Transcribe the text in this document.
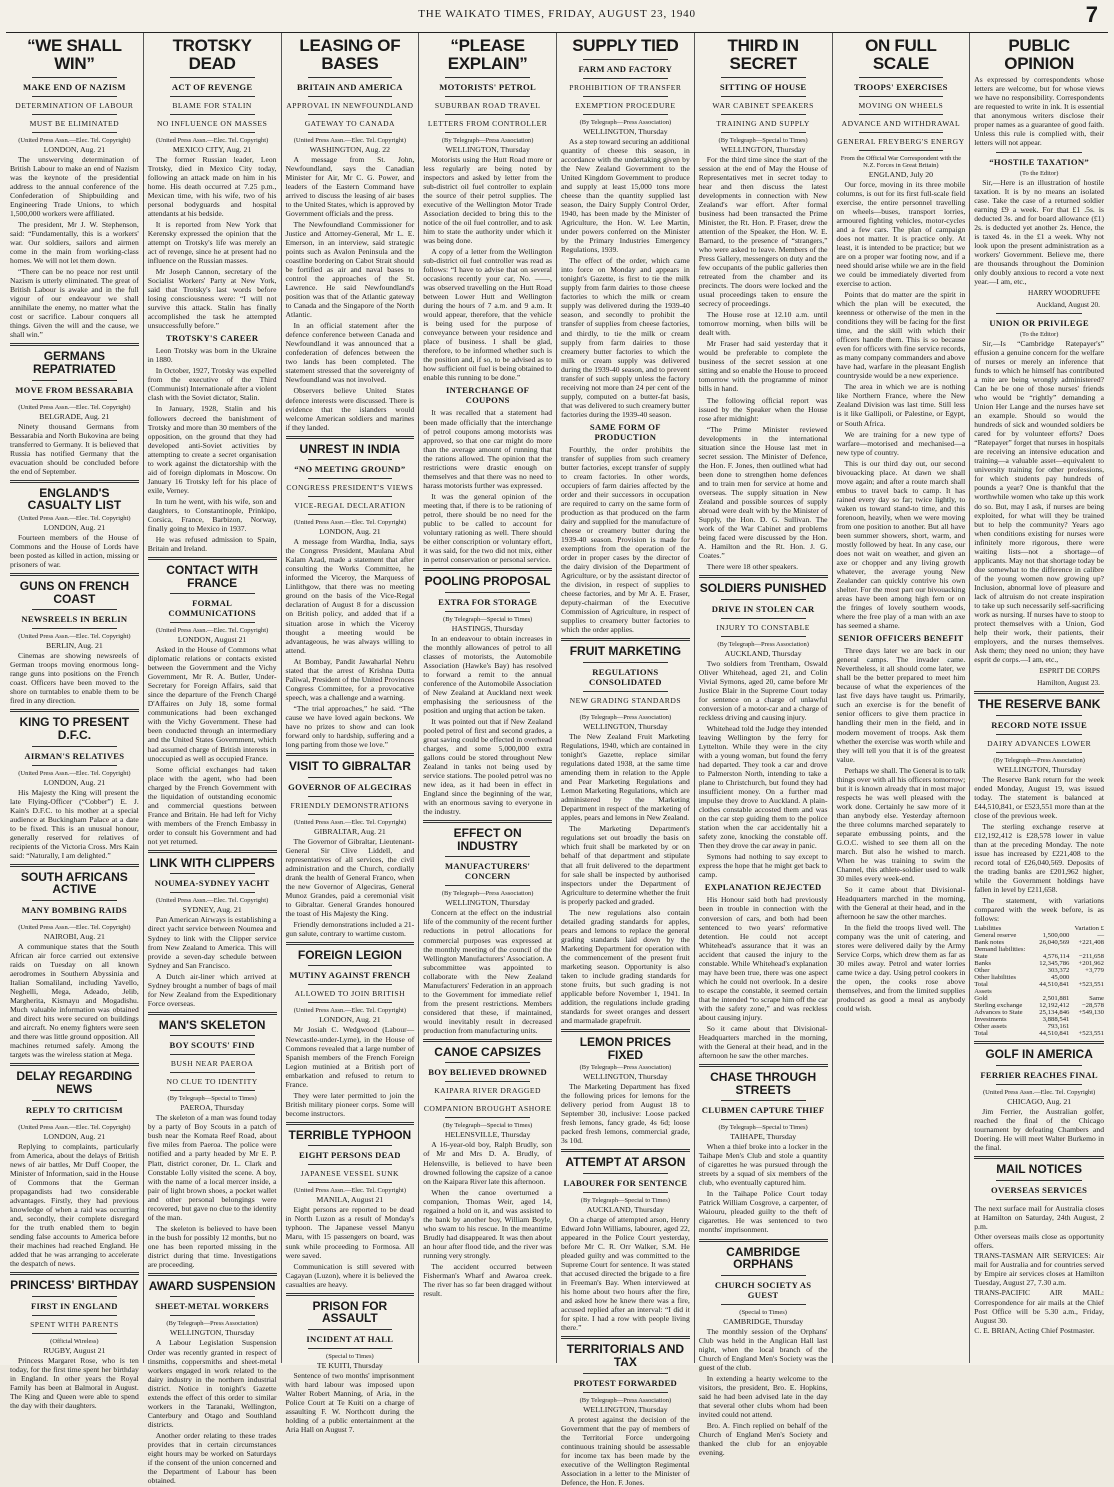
THE WAIKATO TIMES, FRIDAY, AUGUST 23, 1940	7
“WE SHALL WIN”
MAKE END OF NAZISM
DETERMINATION OF LABOUR
MUST BE ELIMINATED
(United Press Assn.—Elec. Tel. Copyright)
LONDON, Aug. 21

The unswerving determination of British Labour to make an end of Nazism was the keynote of the presidential address to the annual conference of the Confederation of Shipbuilding and Engineering Trade Unions, to which 1,500,000 workers were affiliated.

The president, Mr J. W. Stephenson, said: “Fundamentally, this is a workers' war. Our soldiers, sailors and airmen come in the main from working-class homes. We will not let them down.

“There can be no peace nor rest until Nazism is utterly eliminated. The great of British Labour is awake and in the full vigour of our endeavour we shall annihilate the enemy, no matter what the cost or sacrifice. Labour conquers all things. Given the will and the cause, we shall win.”

GERMANS REPATRIATED
MOVE FROM BESSARABIA
(United Press Assn.—Elec. Tel. Copyright)
BELGRADE, Aug. 21

Ninety thousand Germans from Bessarabia and North Bukovina are being transferred to Germany. It is believed that Russia has notified Germany that the evacuation should be concluded before the end of September.

ENGLAND'S CASUALTY LIST
(United Press Assn.—Elec. Tel. Copyright)
LONDON, Aug. 21

Fourteen members of the House of Commons and the House of Lords have been posted as killed in action, missing or prisoners of war.

GUNS ON FRENCH COAST
NEWSREELS IN BERLIN
(United Press Assn.—Elec. Tel. Copyright)
BERLIN, Aug. 21

Cinemas are showing newsreels of German troops moving enormous long-range guns into positions on the French coast. Officers have been moved to the shore on turntables to enable them to be fired in any direction.

KING TO PRESENT D.F.C.
AIRMAN'S RELATIVES
(United Press Assn.—Elec. Tel. Copyright)
LONDON, Aug. 21

His Majesty the King will present the late Flying-Officer (“Cobber”) E. J. Kain's D.F.C. to his mother at a special audience at Buckingham Palace at a date to be fixed. This is an unusual honour, generally reserved for relatives of recipients of the Victoria Cross. Mrs Kain said: “Naturally, I am delighted.”

SOUTH AFRICANS ACTIVE
MANY BOMBING RAIDS
(United Press Assn.—Elec. Tel. Copyright)
NAIROBI, Aug. 21

A communique states that the South African air force carried out extensive raids on Tuesday on all known aerodromes in Southern Abyssinia and Italian Somaliland, including Yavello, Neghelli, Mega, Adeado, Jelib, Margherita, Kismayu and Mogadishu. Much valuable information was obtained and direct hits were secured on buildings and aircraft. No enemy fighters were seen and there was little ground opposition. All machines returned safely. Among the targets was the wireless station at Mega.

DELAY REGARDING NEWS
REPLY TO CRITICISM
(United Press Assn.—Elec. Tel. Copyright)
LONDON, Aug. 21

Replying to complaints, particularly from America, about the delays of British news of air battles, Mr Duff Cooper, the Minister of Information, said in the House of Commons that the German propagandists had two considerable advantages. Firstly, they had previous knowledge of when a raid was occurring and, secondly, their complete disregard for the truth enabled them to begin sending false accounts to America before their machines had reached England. He added that he was arranging to accelerate the despatch of news.

PRINCESS' BIRTHDAY
FIRST IN ENGLAND
SPENT WITH PARENTS
(Official Wireless)
RUGBY, August 21

Princess Margaret Rose, who is ten today, for the first time spent her birthday in England. In other years the Royal Family has been at Balmoral in August. The King and Queen were able to spend the day with their daughters.

TROTSKY DEAD
ACT OF REVENGE
BLAME FOR STALIN
NO INFLUENCE ON MASSES
(United Press Assn.—Elec. Tel. Copyright)
MEXICO CITY, Aug. 21

The former Russian leader, Leon Trotsky, died in Mexico City today, following an attack made on him in his home. His death occurred at 7.25 p.m., Mexican time, with his wife, two of his personal bodyguards and hospital attendants at his bedside.

It is reported from New York that Kerensky expressed the opinion that the attempt on Trotsky's life was merely an act of revenge, since he at present had no influence on the Russian masses.

Mr Joseph Cannon, secretary of the Socialist Workers' Party at New York, said that Trotsky's last words before losing consciousness were: “I will not survive this attack. Stalin has finally accomplished the task he attempted unsuccessfully before.”

TROTSKY'S CAREER

Leon Trotsky was born in the Ukraine in 1880.

In October, 1927, Trotsky was expelled from the executive of the Third (Communist) Internationale after a violent clash with the Soviet dictator, Stalin.

In January, 1928, Stalin and his followers decreed the banishment of Trotsky and more than 30 members of the opposition, on the ground that they had developed anti-Soviet activities by attempting to create a secret organisation to work against the dictatorship with the aid of foreign diplomats in Moscow. On January 16 Trotsky left for his place of exile, Verney.

In turn he went, with his wife, son and daughters, to Constantinople, Prinkipo, Corsica, France, Barbizon, Norway, finally going to Mexico in 1937.

He was refused admission to Spain, Britain and Ireland.

CONTACT WITH FRANCE
FORMAL COMMUNICATIONS
(United Press Assn.—Elec. Tel. Copyright)
LONDON, August 21

Asked in the House of Commons what diplomatic relations or contacts existed between the Government and the Vichy Government, Mr R. A. Butler, Under-Secretary for Foreign Affairs, said that since the departure of the French Chargé D'Affaires on July 18, some formal communications had been exchanged with the Vichy Government. These had been conducted through an intermediary and the United States Government, which had assumed charge of British interests in unoccupied as well as occupied France.

Some official exchanges had taken place with the agent, who had been charged by the French Government with the liquidation of outstanding economic and commercial questions between France and Britain. He had left for Vichy with members of the French Embassy in order to consult his Government and had not yet returned.

LINK WITH CLIPPERS
NOUMEA-SYDNEY YACHT
(United Press Assn.—Elec. Tel. Copyright)
SYDNEY, Aug. 21

Pan American Airways is establishing a direct yacht service between Noumea and Sydney to link with the Clipper service from New Zealand to America. This will provide a seven-day schedule between Sydney and San Francisco.

A Dutch air-liner which arrived at Sydney brought a number of bags of mail for New Zealand from the Expeditionary Force overseas.

MAN'S SKELETON
BOY SCOUTS' FIND
BUSH NEAR PAEROA
NO CLUE TO IDENTITY
(By Telegraph—Special to Times)
PAEROA, Thursday

The skeleton of a man was found today by a party of Boy Scouts in a patch of bush near the Komata Reef Road, about five miles from Paeroa. The police were notified and a party headed by Mr E. P. Platt, district coroner, Dr. L. Clark and Constable Lolly visited the scene. A boy, with the name of a local mercer inside, a pair of light brown shoes, a pocket wallet and other personal belongings were recovered, but gave no clue to the identity of the man.

The skeleton is believed to have been in the bush for possibly 12 months, but no one has been reported missing in the district during that time. Investigations are proceeding.

AWARD SUSPENSION
SHEET-METAL WORKERS
(By Telegraph—Press Association)
WELLINGTON, Thursday

A Labour Legislation Suspension Order was recently granted in respect of tinsmiths, coppersmiths and sheet-metal workers engaged in work related to the dairy industry in the northern industrial district. Notice in tonight's Gazette extends the effect of this order to similar workers in the Taranaki, Wellington, Canterbury and Otago and Southland districts.

Another order relating to these trades provides that in certain circumstances eight hours may be worked on Saturdays if the consent of the union concerned and the Department of Labour has been obtained.

LEASING OF BASES
BRITAIN AND AMERICA
APPROVAL IN NEWFOUNDLAND
GATEWAY TO CANADA
(United Press Assn.—Elec. Tel. Copyright)
WASHINGTON, Aug. 22

A message from St. John, Newfoundland, says the Canadian Minister for Air, Mr C. G. Power, and leaders of the Eastern Command have arrived to discuss the leasing of air bases to the United States, which is approved by Government officials and the press.

The Newfoundland Commissioner for Justice and Attorney-General, Mr L. E. Emerson, in an interview, said strategic points such as Avalon Peninsula and the coastline bordering on Cabot Strait should be fortified as air and naval bases to control the approaches of the St. Lawrence. He said Newfoundland's position was that of the Atlantic gateway to Canada and the Singapore of the North Atlantic.

In an official statement after the defence conference between Canada and Newfoundland it was announced that a confederation of defences between the two lands has been completed. The statement stressed that the sovereignty of Newfoundland was not involved.

Observers believe United States defence interests were discussed. There is evidence that the islanders would welcome American soldiers and marines if they landed.

UNREST IN INDIA
“NO MEETING GROUND”
CONGRESS PRESIDENT'S VIEWS
VICE-REGAL DECLARATION
(United Press Assn.—Elec. Tel. Copyright)
LONDON, Aug. 21

A message from Wardha, India, says the Congress President, Maulana Abul Kalam Azad, made a statement that after consulting the Works Committee, he informed the Viceroy, the Marquess of Linlithgow, that there was no meeting ground on the basis of the Vice-Regal declaration of August 8 for a discussion on British policy, and added that if a situation arose in which the Viceroy thought a meeting would be advantageous, he was always willing to attend.

At Bombay, Pandit Jawaharlal Nehru stated that the arrest of Krishna Dutta Paliwal, President of the United Provinces Congress Committee, for a provocative speech, was a challenge and a warning.

“The trial approaches,” he said. “The cause we have loved again beckons. We have no prizes to show and can look forward only to hardship, suffering and a long parting from those we love.”

VISIT TO GIBRALTAR
GOVERNOR OF ALGECIRAS
FRIENDLY DEMONSTRATIONS
(United Press Assn.—Elec. Tel. Copyright)
GIBRALTAR, Aug. 21

The Governor of Gibraltar, Lieutenant-General Sir Clive Liddell, and representatives of all services, the civil administration and the Church, cordially drank the health of General Franco, when the new Governor of Algeciras, General Munoz Grandes, paid a ceremonial visit to Gibraltar. General Grandes honoured the toast of His Majesty the King.

Friendly demonstrations included a 21-gun salute, contrary to wartime custom.

FOREIGN LEGION
MUTINY AGAINST FRENCH
ALLOWED TO JOIN BRITISH
(United Press Assn.—Elec. Tel. Copyright)
LONDON, Aug. 21

Mr Josiah C. Wedgwood (Labour—Newcastle-under-Lyme), in the House of Commons revealed that a large number of Spanish members of the French Foreign Legion mutinied at a British port of embarkation and refused to return to France.

They were later permitted to join the British military pioneer corps. Some will become instructors.

TERRIBLE TYPHOON
EIGHT PERSONS DEAD
JAPANESE VESSEL SUNK
(United Press Assn.—Elec. Tel. Copyright)
MANILA, August 21

Eight persons are reported to be dead in North Luzon as a result of Monday's typhoon. The Japanese vessel Manyu Maru, with 15 passengers on board, was sunk while proceeding to Formosa. All were saved.

Communication is still severed with Cagayan (Luzon), where it is believed the casualties are heavy.

PRISON FOR ASSAULT
INCIDENT AT HALL
(Special to Times)
TE KUITI, Thursday

Sentence of two months' imprisonment with hard labour was imposed upon Walter Robert Manning, of Aria, in the Police Court at Te Kuiti on a charge of assaulting F. W. Northcott during the holding of a public entertainment at the Aria Hall on August 7.

“PLEASE EXPLAIN”
MOTORISTS' PETROL
SUBURBAN ROAD TRAVEL
LETTERS FROM CONTROLLER
(By Telegraph—Press Association)
WELLINGTON, Thursday

Motorists using the Hutt Road more or less regularly are being noted by inspectors and asked by letter from the sub-district oil fuel controller to explain the source of their petrol supplies. The executive of the Wellington Motor Trade Association decided to bring this to the notice of the oil fuel controller, and to ask him to state the authority under which it was being done.

A copy of a letter from the Wellington sub-district oil fuel controller was read as follows: “I have to advise that on several occasions recently your car, No. ——, was observed travelling on the Hutt Road between Lower Hutt and Wellington during the hours of 7 a.m. and 9 a.m. It would appear, therefore, that the vehicle is being used for the purpose of conveyance between your residence and place of business. I shall be glad, therefore, to be informed whether such is the position and, if so, to be advised as to how sufficient oil fuel is being obtained to enable this running to be done.”

INTERCHANGE OF COUPONS

It was recalled that a statement had been made officially that the interchange of petrol coupons among motorists was approved, so that one car might do more than the average amount of running that the rations allowed. The opinion that the restrictions were drastic enough on themselves and that there was no need to harass motorists further was expressed.

It was the general opinion of the meeting that, if there is to be rationing of petrol, there should be no need for the public to be called to account for voluntary rationing as well. There should be either conscription or voluntary effort, it was said, for the two did not mix, either in petrol conservation or personal service.

POOLING PROPOSAL
EXTRA FOR STORAGE
(By Telegraph—Special to Times)
HASTINGS, Thursday

In an endeavour to obtain increases in the monthly allowances of petrol to all classes of motorists, the Automobile Association (Hawke's Bay) has resolved to forward a remit to the annual conference of the Automobile Association of New Zealand at Auckland next week emphasising the seriousness of the position and urging that action be taken.

It was pointed out that if New Zealand pooled petrol of first and second grades, a great saving could be effected in overhead charges, and some 5,000,000 extra gallons could be stored throughout New Zealand in tanks not being used by service stations. The pooled petrol was no new idea, as it had been in effect in England since the beginning of the war, with an enormous saving to everyone in the industry.

EFFECT ON INDUSTRY
MANUFACTURERS' CONCERN
(By Telegraph—Press Association)
WELLINGTON, Thursday

Concern at the effect on the industrial life of the community of the recent further reductions in petrol allocations for commercial purposes was expressed at the monthly meeting of the council of the Wellington Manufacturers' Association. A subcommittee was appointed to collaborate with the New Zealand Manufacturers' Federation in an approach to the Government for immediate relief from the present restrictions. Members considered that these, if maintained, would inevitably result in decreased production from manufacturing units.

CANOE CAPSIZES
BOY BELIEVED DROWNED
KAIPARA RIVER DRAGGED
COMPANION BROUGHT ASHORE
(By Telegraph—Special to Times)
HELENSVILLE, Thursday

A 16-year-old boy, Ralph Brudly, son of Mr and Mrs D. A. Brudly, of Helensville, is believed to have been drowned following the capsize of a canoe on the Kaipara River late this afternoon.

When the canoe overturned a companion, Thomas Weir, aged 14, regained a hold on it, and was assisted to the bank by another boy, William Boyle, who swam to his rescue. In the meantime Brudly had disappeared. It was then about an hour after flood tide, and the river was running very strongly.

The accident occurred between Fisherman's Wharf and Awaroa creek. The river has so far been dragged without result.

SUPPLY TIED
FARM AND FACTORY
PROHIBITION OF TRANSFER
EXEMPTION PROCEDURE
(By Telegraph—Press Association)
WELLINGTON, Thursday

As a step toward securing an additional quantity of cheese this season, in accordance with the undertaking given by the New Zealand Government to the United Kingdom Government to produce and supply at least 15,000 tons more cheese than the quantity supplied last season, the Dairy Supply Control Order, 1940, has been made by the Minister of Agriculture, the Hon. W. Lee Martin, under powers conferred on the Minister by the Primary Industries Emergency Regulations, 1939.

The effect of the order, which came into force on Monday and appears in tonight's Gazette, is first to tie the milk supply from farm dairies to those cheese factories to which the milk or cream supply was delivered during the 1939-40 season, and secondly to prohibit the transfer of supplies from cheese factories, and thirdly, to tie the milk or cream supply from farm dairies to those creamery butter factories to which the milk or cream supply was delivered during the 1939-40 season, and to prevent transfer of such supply unless the factory receiving not more than 24 per cent of the supply, computed on a butter-fat basis, that was delivered to such creamery butter factories during the 1939-40 season.

SAME FORM OF PRODUCTION

Fourthly, the order prohibits the transfer of supplies from such creamery butter factories, except transfer of supply to cream factories. In other words, occupiers of farm dairies affected by the order and their successors in occupation are required to carry on the same form of production as that produced on the farm dairy and supplied for the manufacture of cheese or creamery butter during the 1939-40 season. Provision is made for exemptions from the operation of the order in proper cases by the director of the dairy division of the Department of Agriculture, or by the assistant director of the division, in respect of supplies to cheese factories, and by Mr A. E. Fraser, deputy-chairman of the Executive Commission of Agriculture, in respect of supplies to creamery butter factories to which the order applies.

FRUIT MARKETING
REGULATIONS CONSOLIDATED
NEW GRADING STANDARDS
(By Telegraph—Press Association)
WELLINGTON, Thursday

The New Zealand Fruit Marketing Regulations, 1940, which are contained in tonight's Gazette, replace similar regulations dated 1938, at the same time amending them in relation to the Apple and Pear Marketing Regulations and Lemon Marketing Regulations, which are administered by the Marketing Department in respect of the marketing of apples, pears and lemons in New Zealand.

The Marketing Department's regulations set out broadly the basis on which fruit shall be marketed by or on behalf of that department and stipulate that all fruit delivered to the department for sale shall be inspected by authorised inspectors under the Department of Agriculture to determine whether the fruit is properly packed and graded.

The new regulations also contain detailed grading standards for apples, pears and lemons to replace the general grading standards laid down by the Marketing Department for operation with the commencement of the present fruit marketing season. Opportunity is also taken to include grading standards for stone fruits, but such grading is not applicable before November 1, 1941. In addition, the regulations include grading standards for sweet oranges and dessert and marmalade grapefruit.

LEMON PRICES FIXED
(By Telegraph—Press Association)
WELLINGTON, Thursday

The Marketing Department has fixed the following prices for lemons for the delivery period from August 18 to September 30, inclusive: Loose packed fresh lemons, fancy grade, 4s 6d; loose packed fresh lemons, commercial grade, 3s 10d.

ATTEMPT AT ARSON
LABOURER FOR SENTENCE
(By Telegraph—Special to Times)
AUCKLAND, Thursday

On a charge of attempted arson, Henry Edward John Williams, labourer, aged 22, appeared in the Police Court yesterday, before Mr C. R. Orr Walker, S.M. He pleaded guilty and was committed to the Supreme Court for sentence. It was stated that accused directed the brigade to a fire in Freeman's Bay. When interviewed at his home about two hours after the fire, and asked how he knew there was a fire, accused replied after an interval: “I did it for spite. I had a row with people living there.”

TERRITORIALS AND TAX
PROTEST FORWARDED
(By Telegraph—Press Association)
WELLINGTON, Thursday

A protest against the decision of the Government that the pay of members of the Territorial Force undergoing continuous training should be assessable for income tax has been made by the executive of the Wellington Regimental Association in a letter to the Minister of Defence, the Hon. F. Jones.

THIRD IN SECRET
SITTING OF HOUSE
WAR CABINET SPEAKERS
TRAINING AND SUPPLY
(By Telegraph—Special to Times)
WELLINGTON, Thursday

For the third time since the start of the session at the end of May the House of Representatives met in secret today to hear and then discuss the latest developments in connection with New Zealand's war effort. After formal business had been transacted the Prime Minister, the Rt. Hon. P. Fraser, drew the attention of the Speaker, the Hon. W. E. Barnard, to the presence of “strangers,” who were asked to leave. Members of the Press Gallery, messengers on duty and the few occupants of the public galleries then retreated from the chamber and its precincts. The doors were locked and the usual proceedings taken to ensure the secrecy of proceedings.

The House rose at 12.10 a.m. until tomorrow morning, when bills will be dealt with.

Mr Fraser had said yesterday that it would be preferable to complete the business of the secret session at one sitting and so enable the House to proceed tomorrow with the programme of minor bills in hand.

The following official report was issued by the Speaker when the House rose after midnight:

“The Prime Minister reviewed developments in the international situation since the House last met in secret session. The Minister of Defence, the Hon. F. Jones, then outlined what had been done to strengthen home defences and to train men for service at home and overseas. The supply situation in New Zealand and possible sources of supply abroad were dealt with by the Minister of Supply, the Hon. D. G. Sullivan. The work of the War Cabinet and problems being faced were discussed by the Hon. A. Hamilton and the Rt. Hon. J. G. Coates.”

There were 18 other speakers.

SOLDIERS PUNISHED
DRIVE IN STOLEN CAR
INJURY TO CONSTABLE
(By Telegraph—Press Association)
AUCKLAND, Thursday

Two soldiers from Trentham, Oswald Oliver Whitehead, aged 21, and Colin Vivial Symons, aged 20, came before Mr Justice Blair in the Supreme Court today for sentence on a charge of unlawful conversion of a motor-car and a charge of reckless driving and causing injury.

Whitehead told the Judge they intended leaving Wellington by the ferry for Lyttelton. While they were in the city with a young woman, but found the ferry had departed. They took a car and drove to Palmerston North, intending to take a plane to Christchurch, but found they had insufficient money. On a further mad impulse they drove to Auckland. A plain-clothes constable accosted them and was on the car step guiding them to the police station when the car accidentally hit a safety zone, knocking the constable off. Then they drove the car away in panic.

Symons had nothing to say except to express the hope that he might get back to camp.

EXPLANATION REJECTED

His Honour said both had previously been in trouble in connection with the conversion of cars, and both had been sentenced to two years' reformative detention. He could not accept Whitehead's assurance that it was an accident that caused the injury to the constable. While Whitehead's explanation may have been true, there was one aspect which he could not overlook. In a desire to escape the constable, it seemed certain that he intended “to scrape him off the car with the safety zone,” and was reckless about causing injury.

So it came about that Divisional-Headquarters marched in the morning, with the General at their head, and in the afternoon he saw the other marches.

CHASE THROUGH STREETS
CLUBMEN CAPTURE THIEF
(By Telegraph—Special to Times)
TAIHAPE, Thursday

When a thief broke into a locker in the Taihape Men's Club and stole a quantity of cigarettes he was pursued through the streets by a squad of six members of the club, who eventually captured him.

In the Taihape Police Court today Patrick William Cosgrove, a carpenter, of Waiouru, pleaded guilty to the theft of cigarettes. He was sentenced to two months' imprisonment.

CAMBRIDGE ORPHANS
CHURCH SOCIETY AS GUEST
(Special to Times)
CAMBRIDGE, Thursday

The monthly session of the Orphans' Club was held in the Anglican Hall last night, when the local branch of the Church of England Men's Society was the guest of the club.

In extending a hearty welcome to the visitors, the president, Bro. E. Hopkins, said he had been advised late in the day that several other clubs whom had been invited could not attend.

Bro. A. Finch replied on behalf of the Church of England Men's Society and thanked the club for an enjoyable evening.

ON FULL SCALE
TROOPS' EXERCISES
MOVING ON WHEELS
ADVANCE AND WITHDRAWAL
GENERAL FREYBERG'S ENERGY
From the Official War Correspondent with the N.Z. Forces in Great Britain)
ENGLAND, July 20

Our force, moving in its three mobile columns, is out for its first full-scale field exercise, the entire personnel travelling on wheels—buses, transport lorries, armoured fighting vehicles, motor-cycles and a few cars. The plan of campaign does not matter. It is practice only. At least, it is intended to be practice; but we are on a proper war footing now, and if a need should arise while we are in the field we could be immediately diverted from exercise to action.

Points that do matter are the spirit in which the plan will be executed, the keenness or otherwise of the men in the conditions they will be facing for the first time, and the skill with which their officers handle them. This is so because even for officers with fine service records, as many company commanders and above have had, warfare in the pleasant English countryside would be a new experience.

The area in which we are is nothing like Northern France, where the New Zealand Division was last time. Still less is it like Gallipoli, or Palestine, or Egypt, or South Africa.

We are training for a new type of warfare—motorised and mechanised—a new type of country.

This is our third day out, our second bivouacking place. At dawn we shall move again; and after a route march shall embus to travel back to camp. It has rained every day so far; twice lightly, to waken us toward stand-to time, and this forenoon, heavily, when we were moving from one position to another. But all have been summer showers, short, warm, and mostly followed by heat. In any case, our does not wait on weather, and given an axe or chopper and any living growth whatever, the average young New Zealander can quickly contrive his own shelter. For the most part our bivouacking areas have been among high fern or on the fringes of lovely southern woods, where the free play of a man with an axe has seemed a shame.

SENIOR OFFICERS BENEFIT

Three days later we are back in our general camps. The invader came. Nevertheless, it all should come later, we shall be the better prepared to meet him because of what the experiences of the last five days have taught us. Primarily, such an exercise is for the benefit of senior officers to give them practice in handling their men in the field, and in modern movement of troops. Ask them whether the exercise was worth while and they will tell you that it is of the greatest value.

Perhaps we shall. The General is to talk things over with all his officers tomorrow; but it is known already that in most major respects he was well pleased with the work done. Certainly he saw more of it than anybody else. Yesterday afternoon the three columns marched separately to separate embussing points, and the G.O.C. wished to see them all on the march. But also he wished to march. When he was training to swim the Channel, this athlete-soldier used to walk 30 miles every week-end.

So it came about that Divisional-Headquarters marched in the morning, with the General at their head, and in the afternoon he saw the other marches.

In the field the troops lived well. The company was the unit of catering, and stores were delivered daily by the Army Service Corps, which drew them as far as 30 miles away. Petrol and water lorries came twice a day. Using petrol cookers in the open, the cooks rose above themselves, and from the limited supplies produced as good a meal as anybody could wish.

PUBLIC OPINION

As expressed by correspondents whose letters are welcome, but for whose views we have no responsibility. Correspondents are requested to write in ink. It is essential that anonymous writers disclose their proper names as a guarantee of good faith. Unless this rule is complied with, their letters will not appear.

“HOSTILE TAXATION”
(To the Editor)

Sir,—Here is an illustration of hostile taxation. It is by no means an isolated case. Take the case of a returned soldier earning £9 a week. For that £1 .5s. is deducted 3s. and for board allowance (£1) 2s. is deducted yet another 2s. Hence, the is taxed 4s. in the £1 a week. Why not look upon the present administration as a workers' Government. Believe me, there are thousands throughout the Dominion only doubly anxious to record a vote next year.—I am, etc.,

HARRY WOODRUFFE
Auckland, August 20.
UNION OR PRIVILEGE
(To the Editor)

Sir,—Is “Cambridge Ratepayer's” effusion a genuine concern for the welfare of nurses or merely an inference that funds to which he himself has contributed a mite are being wrongly administered? Can he be one of those nurses' friends who would be “rightly” demanding a Union Her Lange and the nurses have set an example. Should so would the hundreds of sick and wounded soldiers be cared for by volunteer efforts? Does “Ratepayer” forget that nurses in hospitals are receiving an intensive education and training—a valuable asset—equivalent to university training for other professions, for which students pay hundreds of pounds a year? One is thankful that the worthwhile women who take up this work do so. But, may I ask, if nurses are being exploited, for what will they be trained but to help the community? Years ago when conditions existing for nurses were infinitely more rigorous, there were waiting lists—not a shortage—of applicants. May not that shortage today be due somewhat to the difference in calibre of the young women now growing up? Inclusion, abnormal love of pleasure and lack of altruism do not create inspiration to take up such necessarily self-sacrificing work as nursing. If nurses have to stoop to protect themselves with a Union, God help their work, their patients, their employers, and the nurses themselves. Ask them; they need no union; they have esprit de corps.—I am, etc.,

ESPRIT DE CORPS
Hamilton, August 23.
THE RESERVE BANK
RECORD NOTE ISSUE
DAIRY ADVANCES LOWER
(By Telegraph—Press Association)
WELLINGTON, Thursday

The Reserve Bank return for the week ended Monday, August 19, was issued today. The statement is balanced at £44,510,841, or £523,551 more than at the close of the previous week.

The sterling exchange reserve at £12,192,412 is £28,578 lower in value than at the preceding Monday. The note issue has increased by £221,408 to the record total of £26,040,569. Deposits of the trading banks are £201,962 higher, while the Government holdings have fallen in level by £211,658.

The statement, with variations compared with the week before, is as follows:

Liabilities		Variation £
General reserve	1,500,000	—
Bank notes	26,040,569	+221,408
Demand liabilities:		
State	4,576,114	−211,658
Banks	12,345,786	+201,962
Other	303,372	+3,779
Other liabilities	45,000	
Total	44,510,841	+523,551
Assets		
Gold	2,501,881	Same
Sterling exchange	12,192,412	−28,578
Advances to State	25,134,846	+549,130
Investments	3,888,541	
Other assets	793,161	
Total	44,510,841	+523,551
GOLF IN AMERICA
FERRIER REACHES FINAL
(United Press Assn.—Elec. Tel. Copyright)
CHICAGO, Aug. 21

Jim Ferrier, the Australian golfer, reached the final of the Chicago tournament by defeating Chambers and Doering. He will meet Walter Burkemo in the final.

MAIL NOTICES
OVERSEAS SERVICES

The next surface mail for Australia closes at Hamilton on Saturday, 24th August, 2 p.m.

Other overseas mails close as opportunity offers.

TRANS-TASMAN AIR SERVICES: Air mail for Australia and for countries served by Empire air services closes at Hamilton Tuesday, August 27, 7.30 a.m.

TRANS-PACIFIC AIR MAIL: Correspondence for air mails at the Chief Post Office will be 5.30 a.m., Friday, August 30.

C. E. BRIAN, Acting Chief Postmaster.
